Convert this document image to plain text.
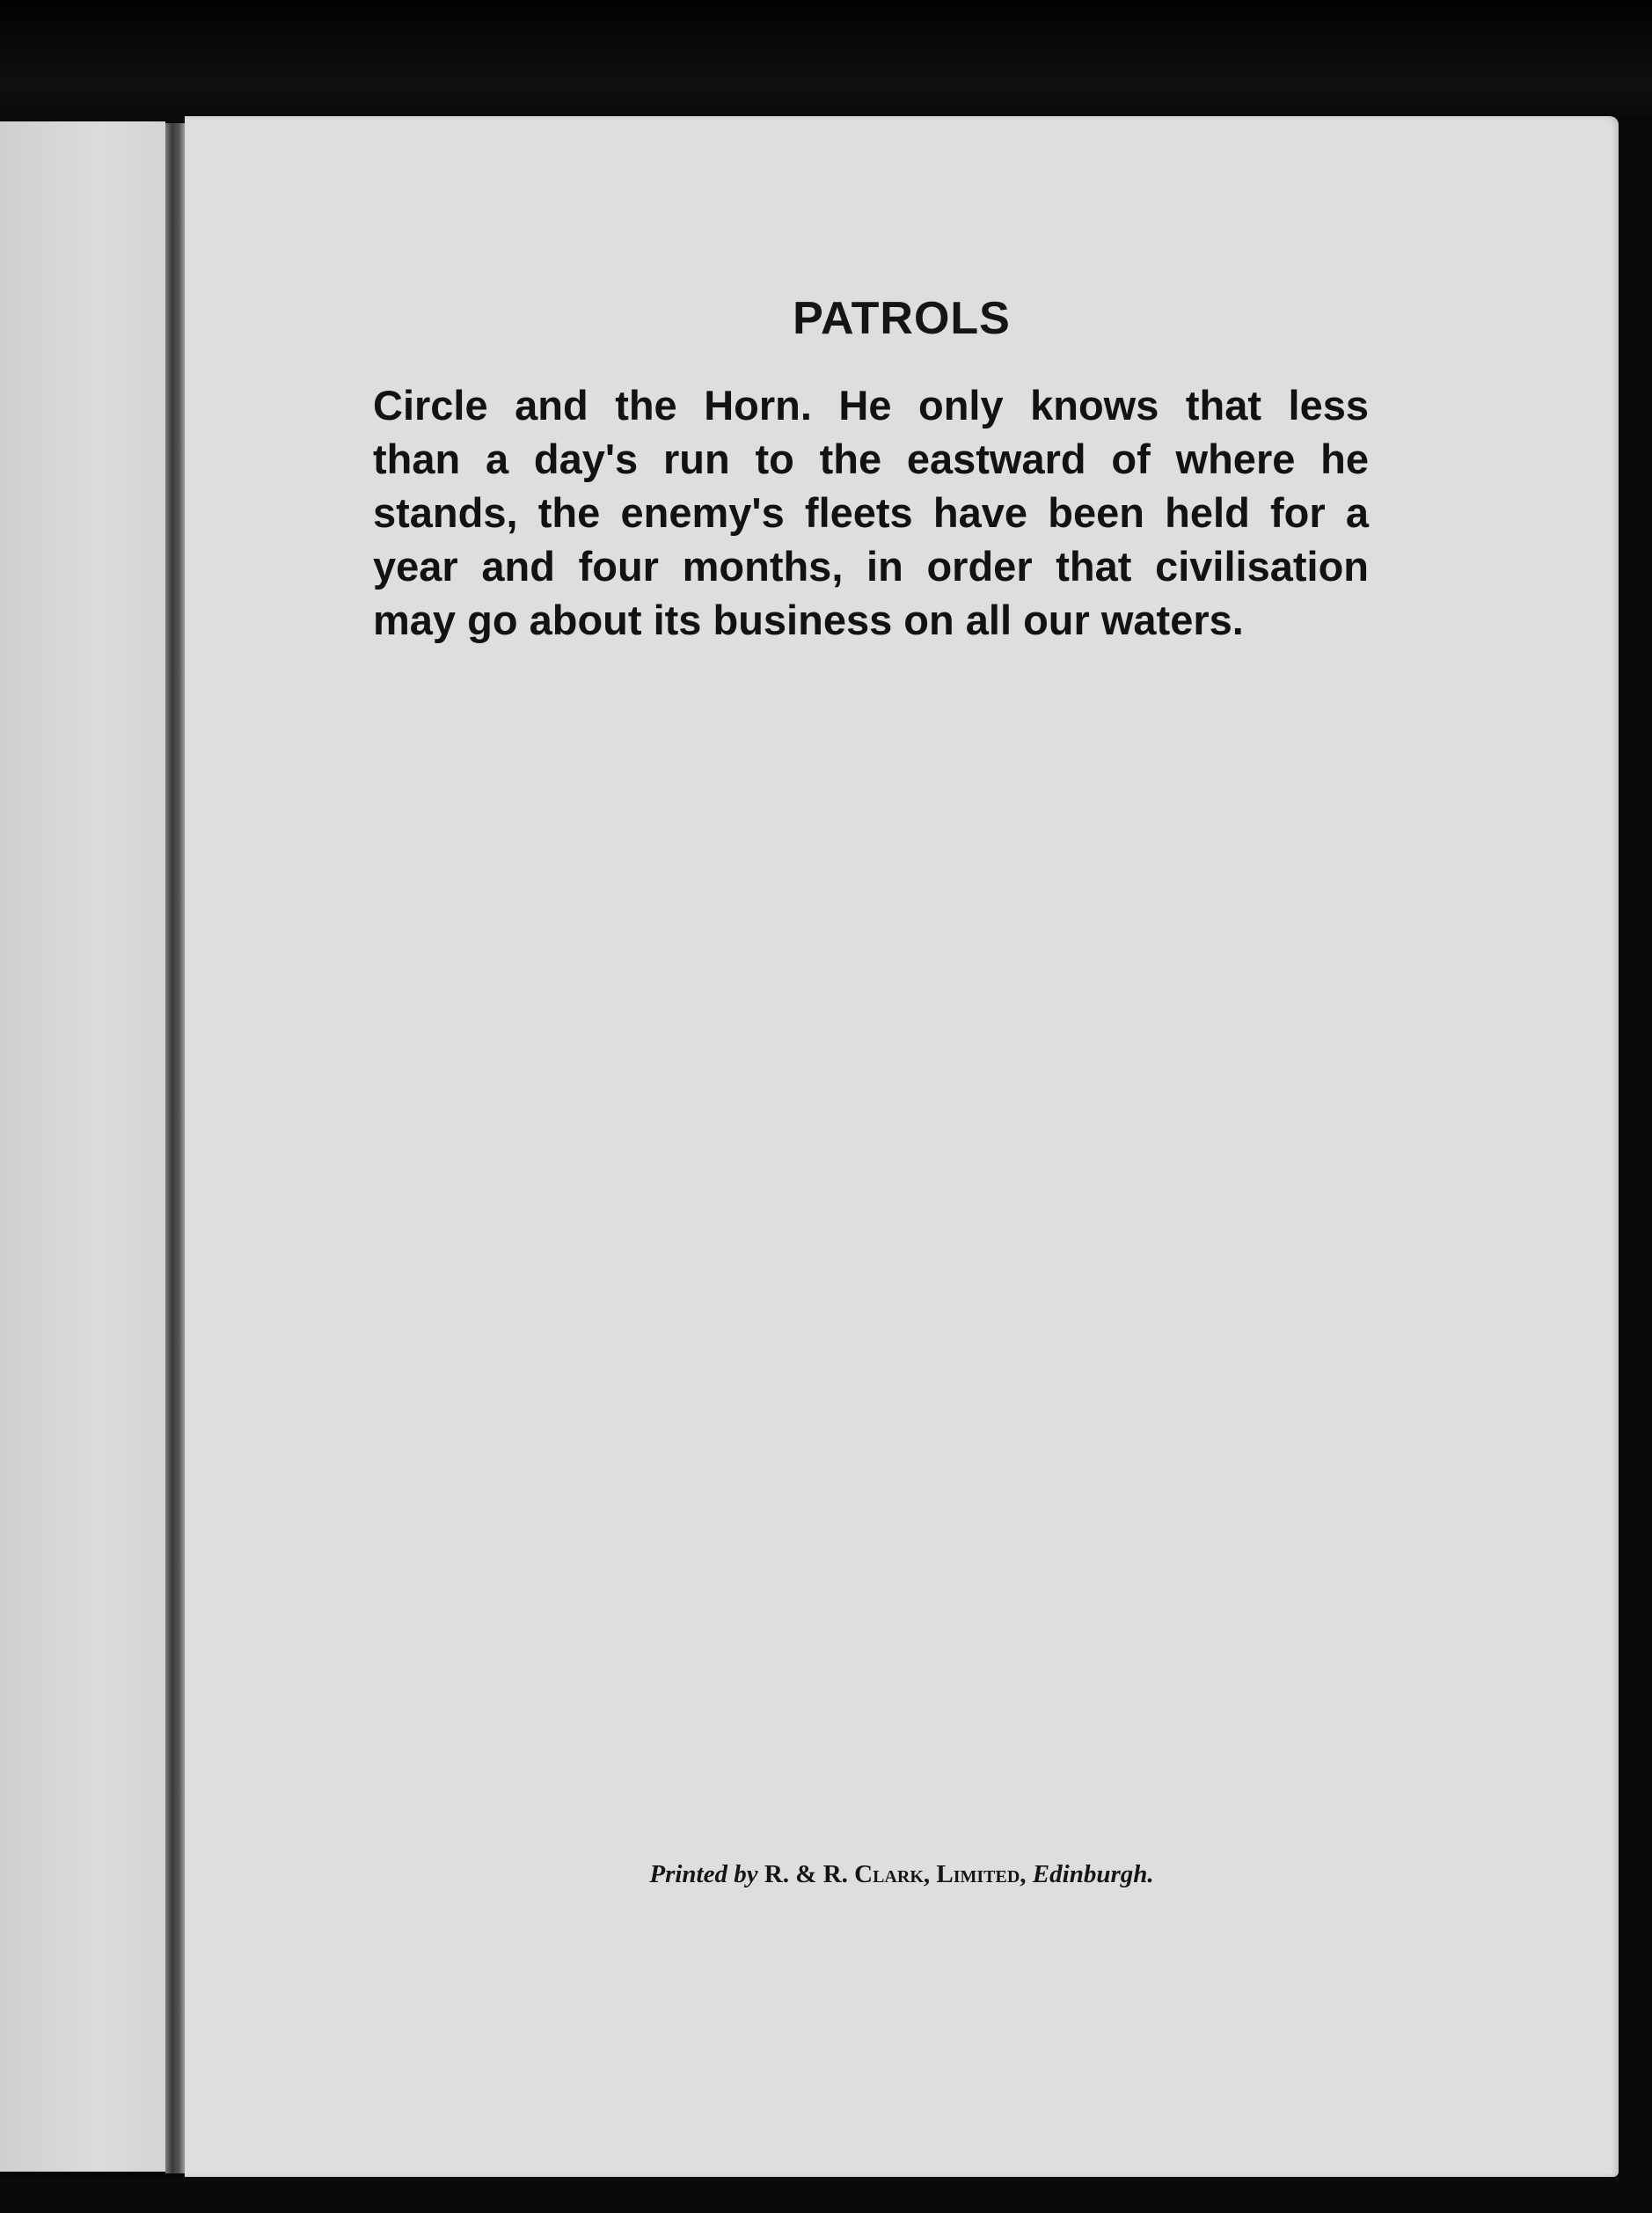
PATROLS
Circle and the Horn. He only knows that less
than a day's run to the eastward of where he
stands, the enemy's fleets have been held for a
year and four months, in order that civilisation
may go about its business on all our waters.

Printed by R. & R. Clark, Limited, Edinburgh.
